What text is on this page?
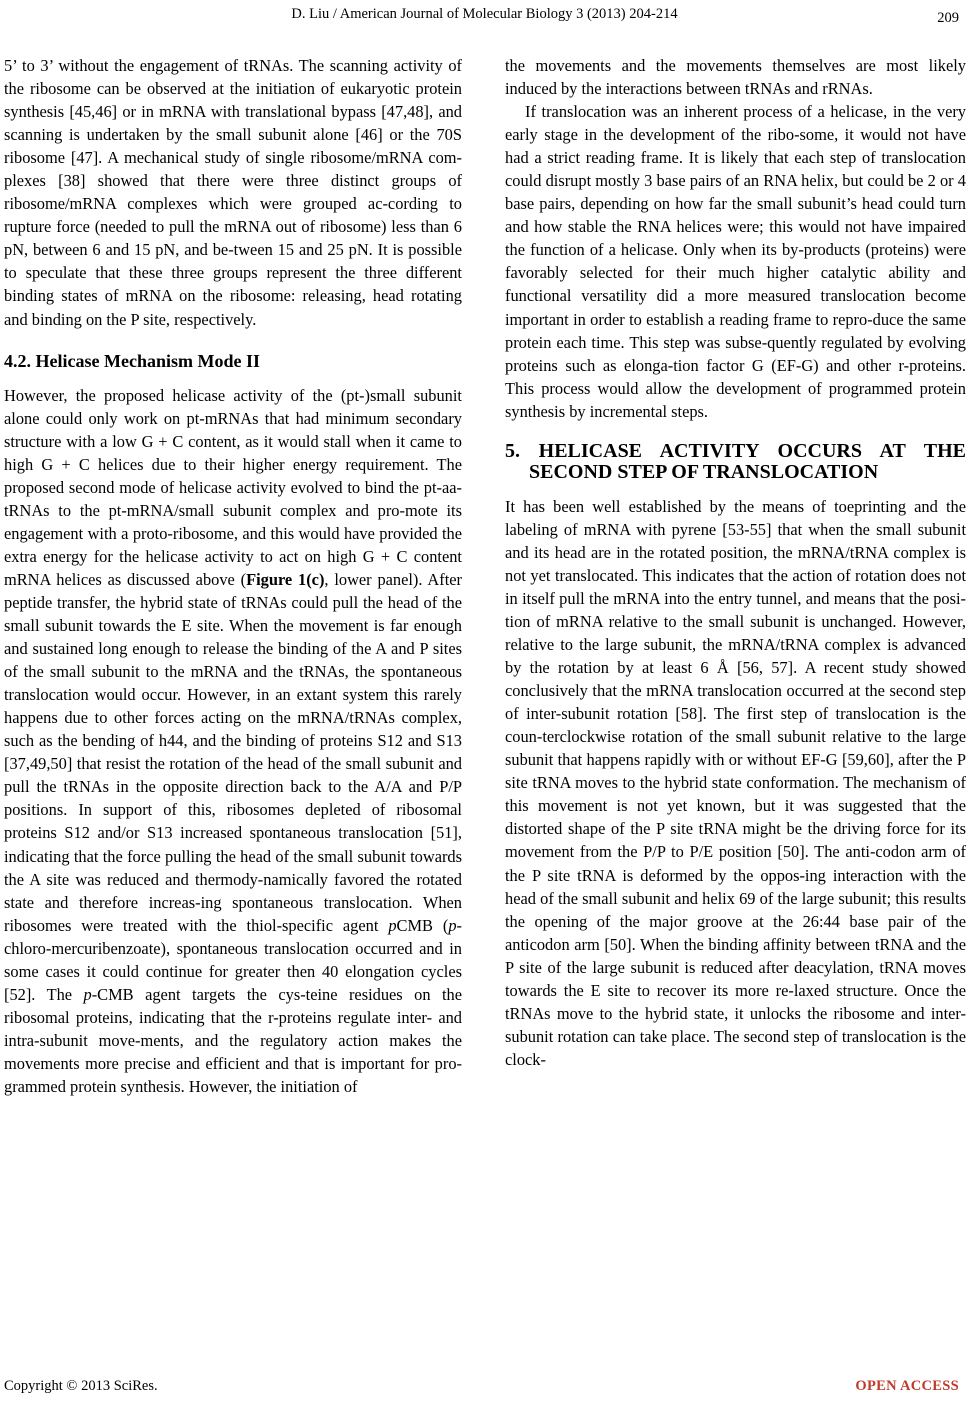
D. Liu / American Journal of Molecular Biology 3 (2013) 204-214	209

5’ to 3’ without the engagement of tRNAs. The scanning activity of the ribosome can be observed at the initiation of eukaryotic protein synthesis [45,46] or in mRNA with translational bypass [47,48], and scanning is undertaken by the small subunit alone [46] or the 70S ribosome [47]. A mechanical study of single ribosome/mRNA com-plexes [38] showed that there were three distinct groups of ribosome/mRNA complexes which were grouped ac-cording to rupture force (needed to pull the mRNA out of ribosome) less than 6 pN, between 6 and 15 pN, and be-tween 15 and 25 pN. It is possible to speculate that these three groups represent the three different binding states of mRNA on the ribosome: releasing, head rotating and binding on the P site, respectively.

4.2. Helicase Mechanism Mode II

However, the proposed helicase activity of the (pt-)small subunit alone could only work on pt-mRNAs that had minimum secondary structure with a low G + C content, as it would stall when it came to high G + C helices due to their higher energy requirement. The proposed second mode of helicase activity evolved to bind the pt-aa-tRNAs to the pt-mRNA/small subunit complex and pro-mote its engagement with a proto-ribosome, and this would have provided the extra energy for the helicase activity to act on high G + C content mRNA helices as discussed above (Figure 1(c), lower panel). After peptide transfer, the hybrid state of tRNAs could pull the head of the small subunit towards the E site. When the movement is far enough and sustained long enough to release the binding of the A and P sites of the small subunit to the mRNA and the tRNAs, the spontaneous translocation would occur. However, in an extant system this rarely happens due to other forces acting on the mRNA/tRNAs complex, such as the bending of h44, and the binding of proteins S12 and S13 [37,49,50] that resist the rotation of the head of the small subunit and pull the tRNAs in the opposite direction back to the A/A and P/P positions. In support of this, ribosomes depleted of ribosomal proteins S12 and/or S13 increased spontaneous translocation [51], indicating that the force pulling the head of the small subunit towards the A site was reduced and thermody-namically favored the rotated state and therefore increas-ing spontaneous translocation. When ribosomes were treated with the thiol-specific agent pCMB (p-chloro-mercuribenzoate), spontaneous translocation occurred and in some cases it could continue for greater then 40 elongation cycles [52]. The p-CMB agent targets the cys-teine residues on the ribosomal proteins, indicating that the r-proteins regulate inter- and intra-subunit move-ments, and the regulatory action makes the movements more precise and efficient and that is important for pro-grammed protein synthesis. However, the initiation of

the movements and the movements themselves are most likely induced by the interactions between tRNAs and rRNAs.

If translocation was an inherent process of a helicase, in the very early stage in the development of the ribo-some, it would not have had a strict reading frame. It is likely that each step of translocation could disrupt mostly 3 base pairs of an RNA helix, but could be 2 or 4 base pairs, depending on how far the small subunit’s head could turn and how stable the RNA helices were; this would not have impaired the function of a helicase. Only when its by-products (proteins) were favorably selected for their much higher catalytic ability and functional versatility did a more measured translocation become important in order to establish a reading frame to repro-duce the same protein each time. This step was subse-quently regulated by evolving proteins such as elonga-tion factor G (EF-G) and other r-proteins. This process would allow the development of programmed protein synthesis by incremental steps.

5. HELICASE ACTIVITY OCCURS AT THE SECOND STEP OF TRANSLOCATION

It has been well established by the means of toeprinting and the labeling of mRNA with pyrene [53-55] that when the small subunit and its head are in the rotated position, the mRNA/tRNA complex is not yet translocated. This indicates that the action of rotation does not in itself pull the mRNA into the entry tunnel, and means that the posi-tion of mRNA relative to the small subunit is unchanged. However, relative to the large subunit, the mRNA/tRNA complex is advanced by the rotation by at least 6 Å [56, 57]. A recent study showed conclusively that the mRNA translocation occurred at the second step of inter-subunit rotation [58]. The first step of translocation is the coun-terclockwise rotation of the small subunit relative to the large subunit that happens rapidly with or without EF-G [59,60], after the P site tRNA moves to the hybrid state conformation. The mechanism of this movement is not yet known, but it was suggested that the distorted shape of the P site tRNA might be the driving force for its movement from the P/P to P/E position [50]. The anti-codon arm of the P site tRNA is deformed by the oppos-ing interaction with the head of the small subunit and helix 69 of the large subunit; this results the opening of the major groove at the 26:44 base pair of the anticodon arm [50]. When the binding affinity between tRNA and the P site of the large subunit is reduced after deacylation, tRNA moves towards the E site to recover its more re-laxed structure. Once the tRNAs move to the hybrid state, it unlocks the ribosome and inter-subunit rotation can take place. The second step of translocation is the clock-

Copyright © 2013 SciRes.	OPEN ACCESS
